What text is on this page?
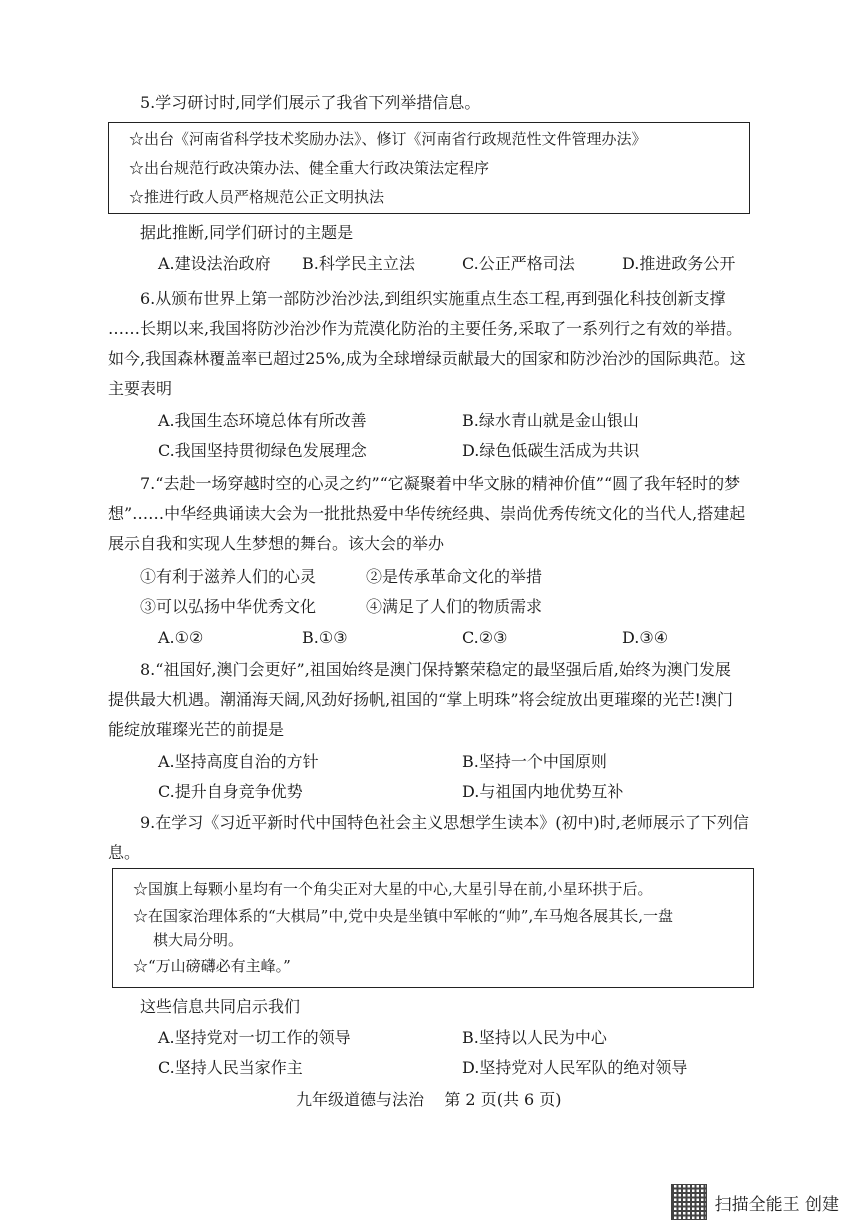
5.学习研讨时,同学们展示了我省下列举措信息。
☆出台《河南省科学技术奖励办法》、修订《河南省行政规范性文件管理办法》
☆出台规范行政决策办法、健全重大行政决策法定程序
☆推进行政人员严格规范公正文明执法
据此推断,同学们研讨的主题是
A.建设法治政府 B.科学民主立法	C.公正严格司法	D.推进政务公开
6.从颁布世界上第一部防沙治沙法,到组织实施重点生态工程,再到强化科技创新支撑
……长期以来,我国将防沙治沙作为荒漠化防治的主要任务,采取了一系列行之有效的举措。
如今,我国森林覆盖率已超过25%,成为全球增绿贡献最大的国家和防沙治沙的国际典范。这
主要表明
A.我国生态环境总体有所改善	B.绿水青山就是金山银山
C.我国坚持贯彻绿色发展理念	D.绿色低碳生活成为共识
7.“去赴一场穿越时空的心灵之约”“它凝聚着中华文脉的精神价值”“圆了我年轻时的梦
想”……中华经典诵读大会为一批批热爱中华传统经典、崇尚优秀传统文化的当代人,搭建起
展示自我和实现人生梦想的舞台。该大会的举办
①有利于滋养人们的心灵	②是传承革命文化的举措
③可以弘扬中华优秀文化	④满足了人们的物质需求
A.①②	B.①③	C.②③	D.③④
8.“祖国好,澳门会更好”,祖国始终是澳门保持繁荣稳定的最坚强后盾,始终为澳门发展
提供最大机遇。潮涌海天阔,风劲好扬帆,祖国的“掌上明珠”将会绽放出更璀璨的光芒!澳门
能绽放璀璨光芒的前提是
A.坚持高度自治的方针	B.坚持一个中国原则
C.提升自身竞争优势	D.与祖国内地优势互补
9.在学习《习近平新时代中国特色社会主义思想学生读本》(初中)时,老师展示了下列信
息。
☆国旗上每颗小星均有一个角尖正对大星的中心,大星引导在前,小星环拱于后。
☆在国家治理体系的“大棋局”中,党中央是坐镇中军帐的“帅”,车马炮各展其长,一盘
棋大局分明。
☆“万山磅礴必有主峰。”
这些信息共同启示我们
A.坚持党对一切工作的领导	B.坚持以人民为中心
C.坚持人民当家作主	D.坚持党对人民军队的绝对领导
九年级道德与法治    第 2 页(共 6 页)
扫描全能王 创建
